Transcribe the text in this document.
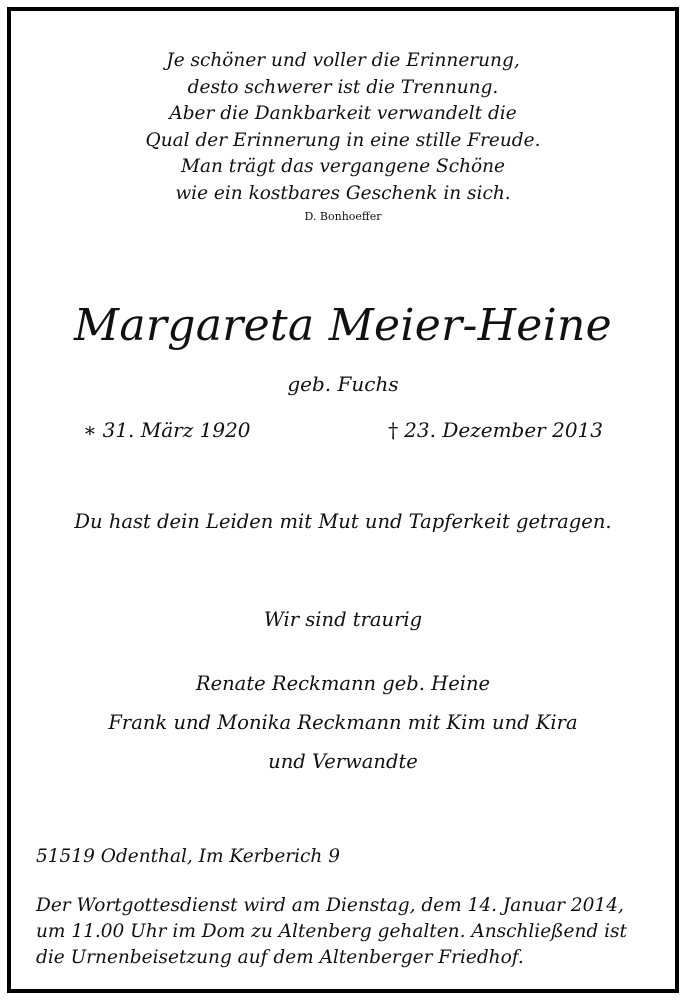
Je schöner und voller die Erinnerung,
desto schwerer ist die Trennung.
Aber die Dankbarkeit verwandelt die
Qual der Erinnerung in eine stille Freude.
Man trägt das vergangene Schöne
wie ein kostbares Geschenk in sich.
D. Bonhoeffer
Margareta Meier-Heine
geb. Fuchs
∗ 31. März 1920	† 23. Dezember 2013
Du hast dein Leiden mit Mut und Tapferkeit getragen.
Wir sind traurig
Renate Reckmann geb. Heine
Frank und Monika Reckmann mit Kim und Kira
und Verwandte
51519 Odenthal, Im Kerberich 9
Der Wortgottesdienst wird am Dienstag, dem 14. Januar 2014,
um 11.00 Uhr im Dom zu Altenberg gehalten. Anschließend ist
die Urnenbeisetzung auf dem Altenberger Friedhof.
